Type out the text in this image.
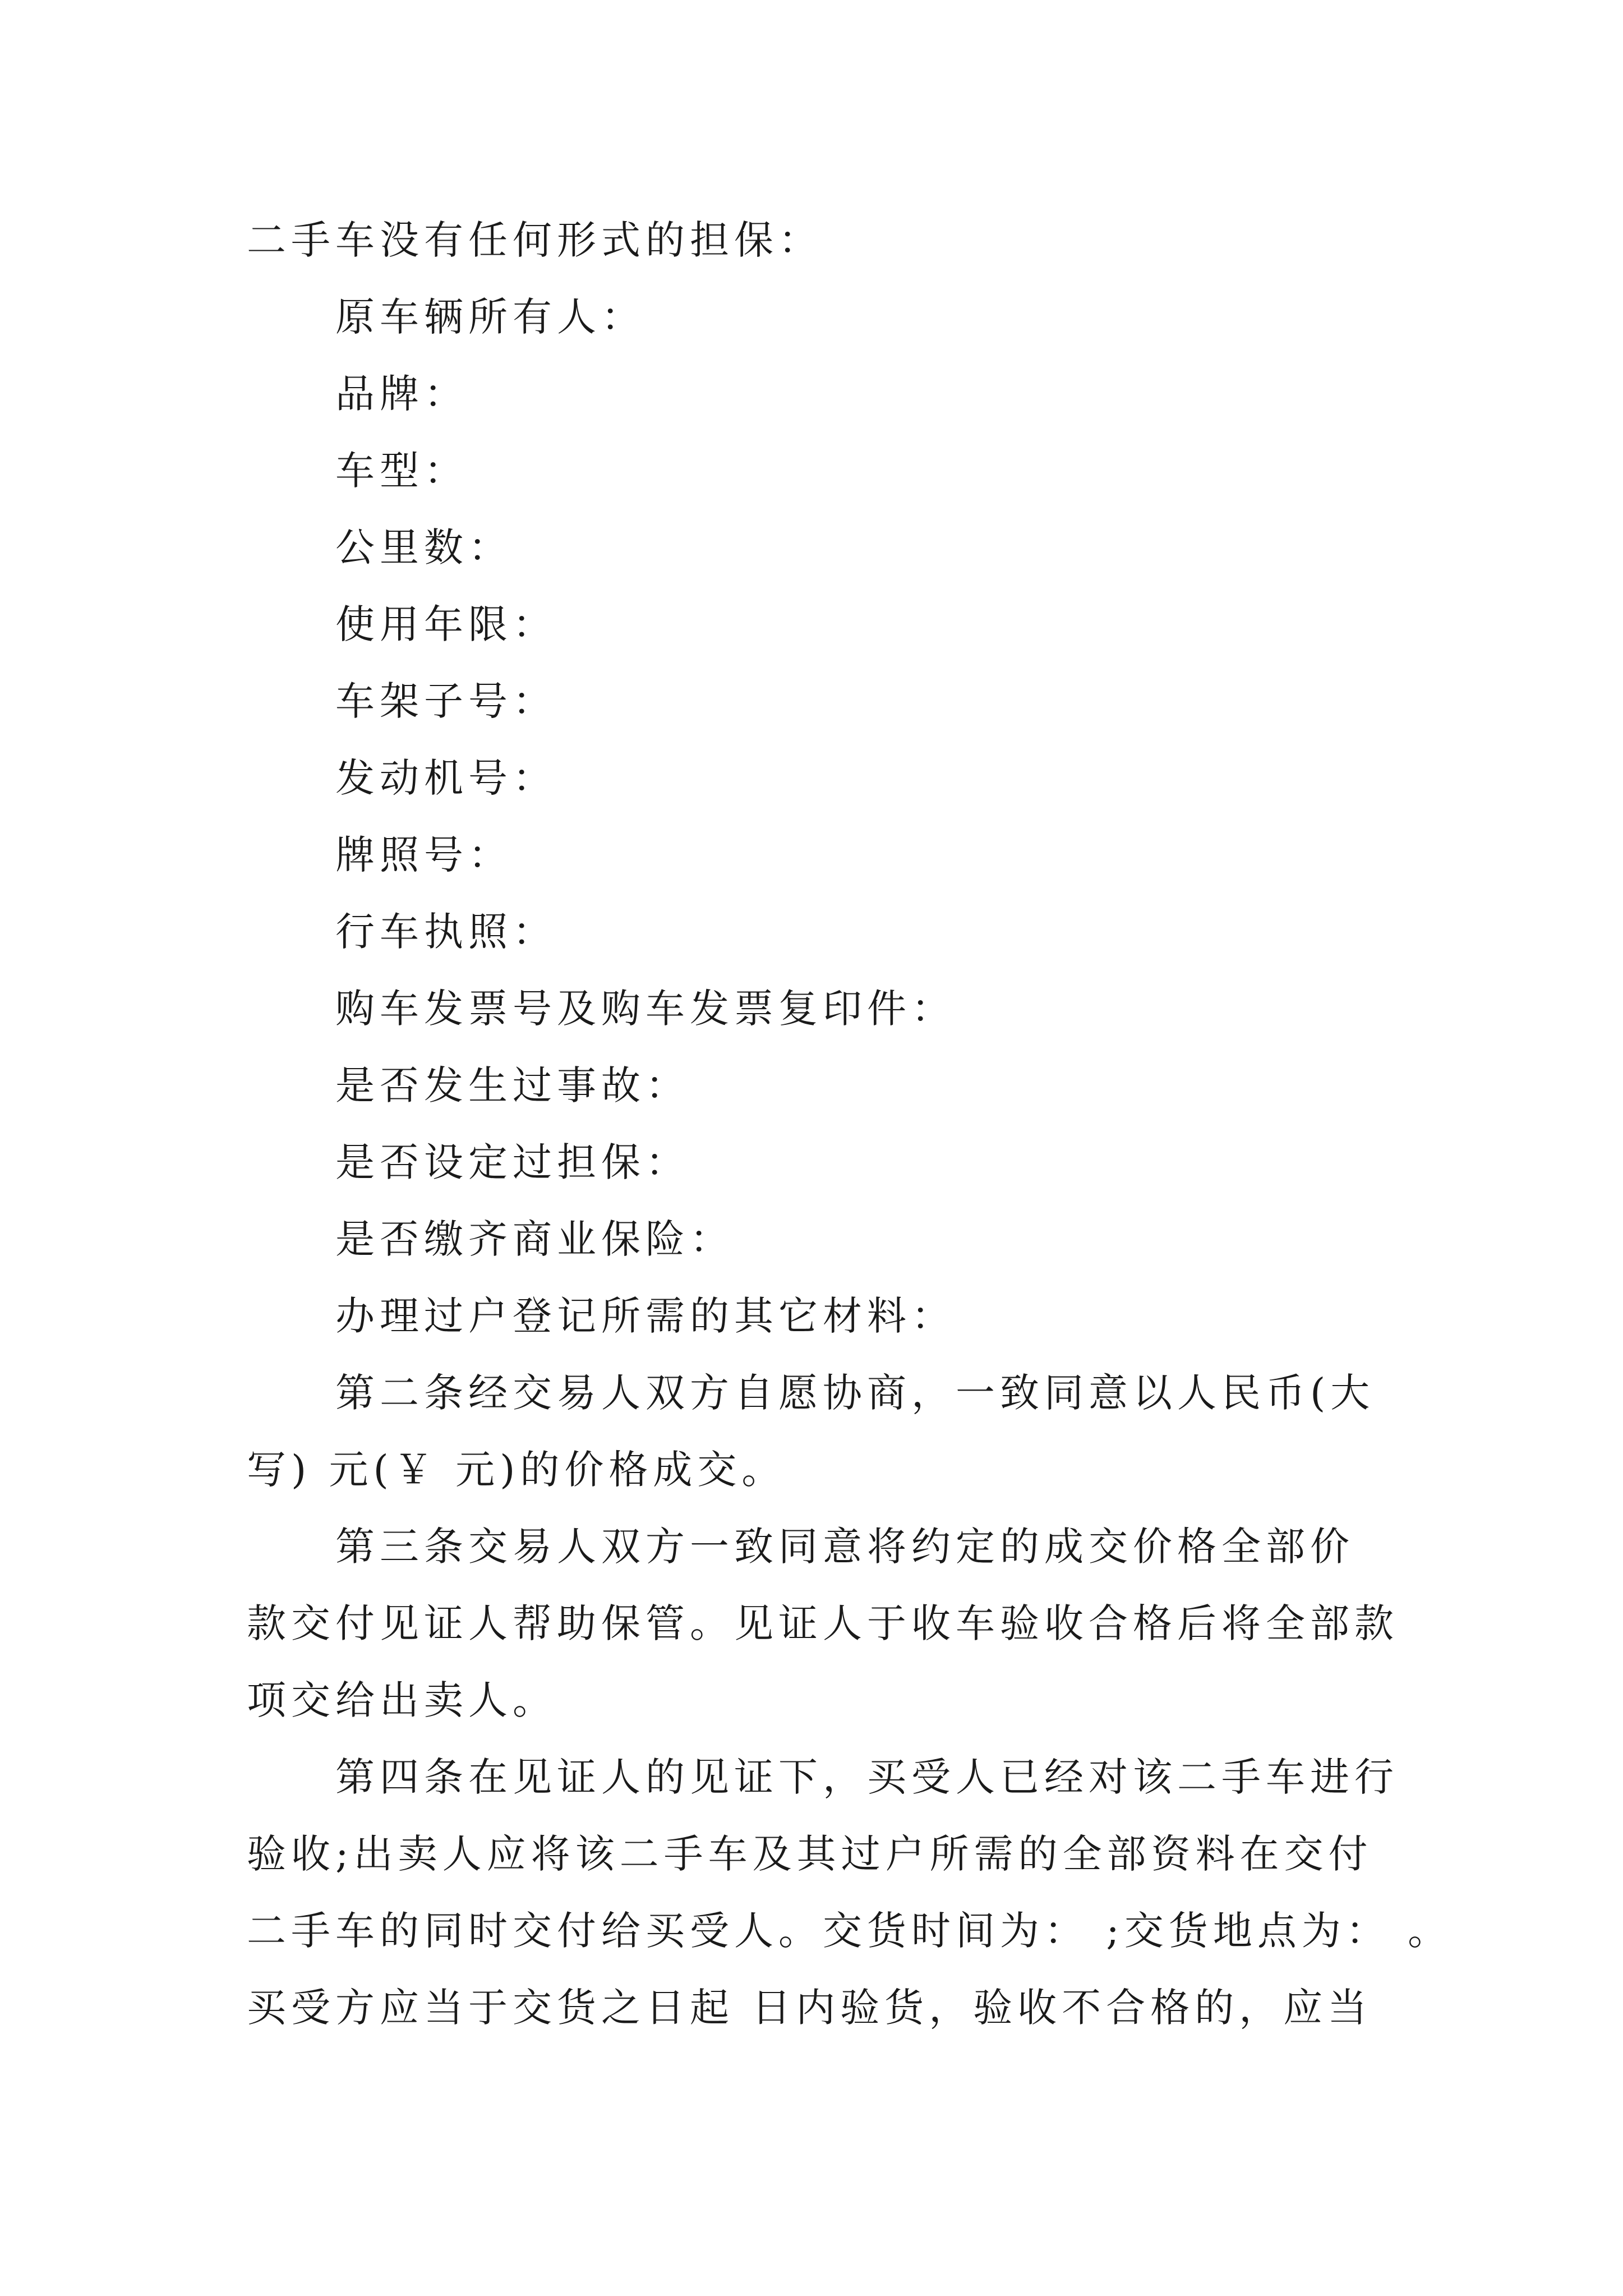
二手车没有任何形式的担保：

原车辆所有人：

品牌：

车型：

公里数：

使用年限：

车架子号：

发动机号：

牌照号：

行车执照：

购车发票号及购车发票复印件：

是否发生过事故：

是否设定过担保：

是否缴齐商业保险：

办理过户登记所需的其它材料：

第二条经交易人双方自愿协商，一致同意以人民币(大

写) 元(￥ 元)的价格成交。

第三条交易人双方一致同意将约定的成交价格全部价

款交付见证人帮助保管。见证人于收车验收合格后将全部款

项交给出卖人。

第四条在见证人的见证下，买受人已经对该二手车进行

验收;出卖人应将该二手车及其过户所需的全部资料在交付

二手车的同时交付给买受人。交货时间为： ;交货地点为： 。

买受方应当于交货之日起 日内验货，验收不合格的，应当
